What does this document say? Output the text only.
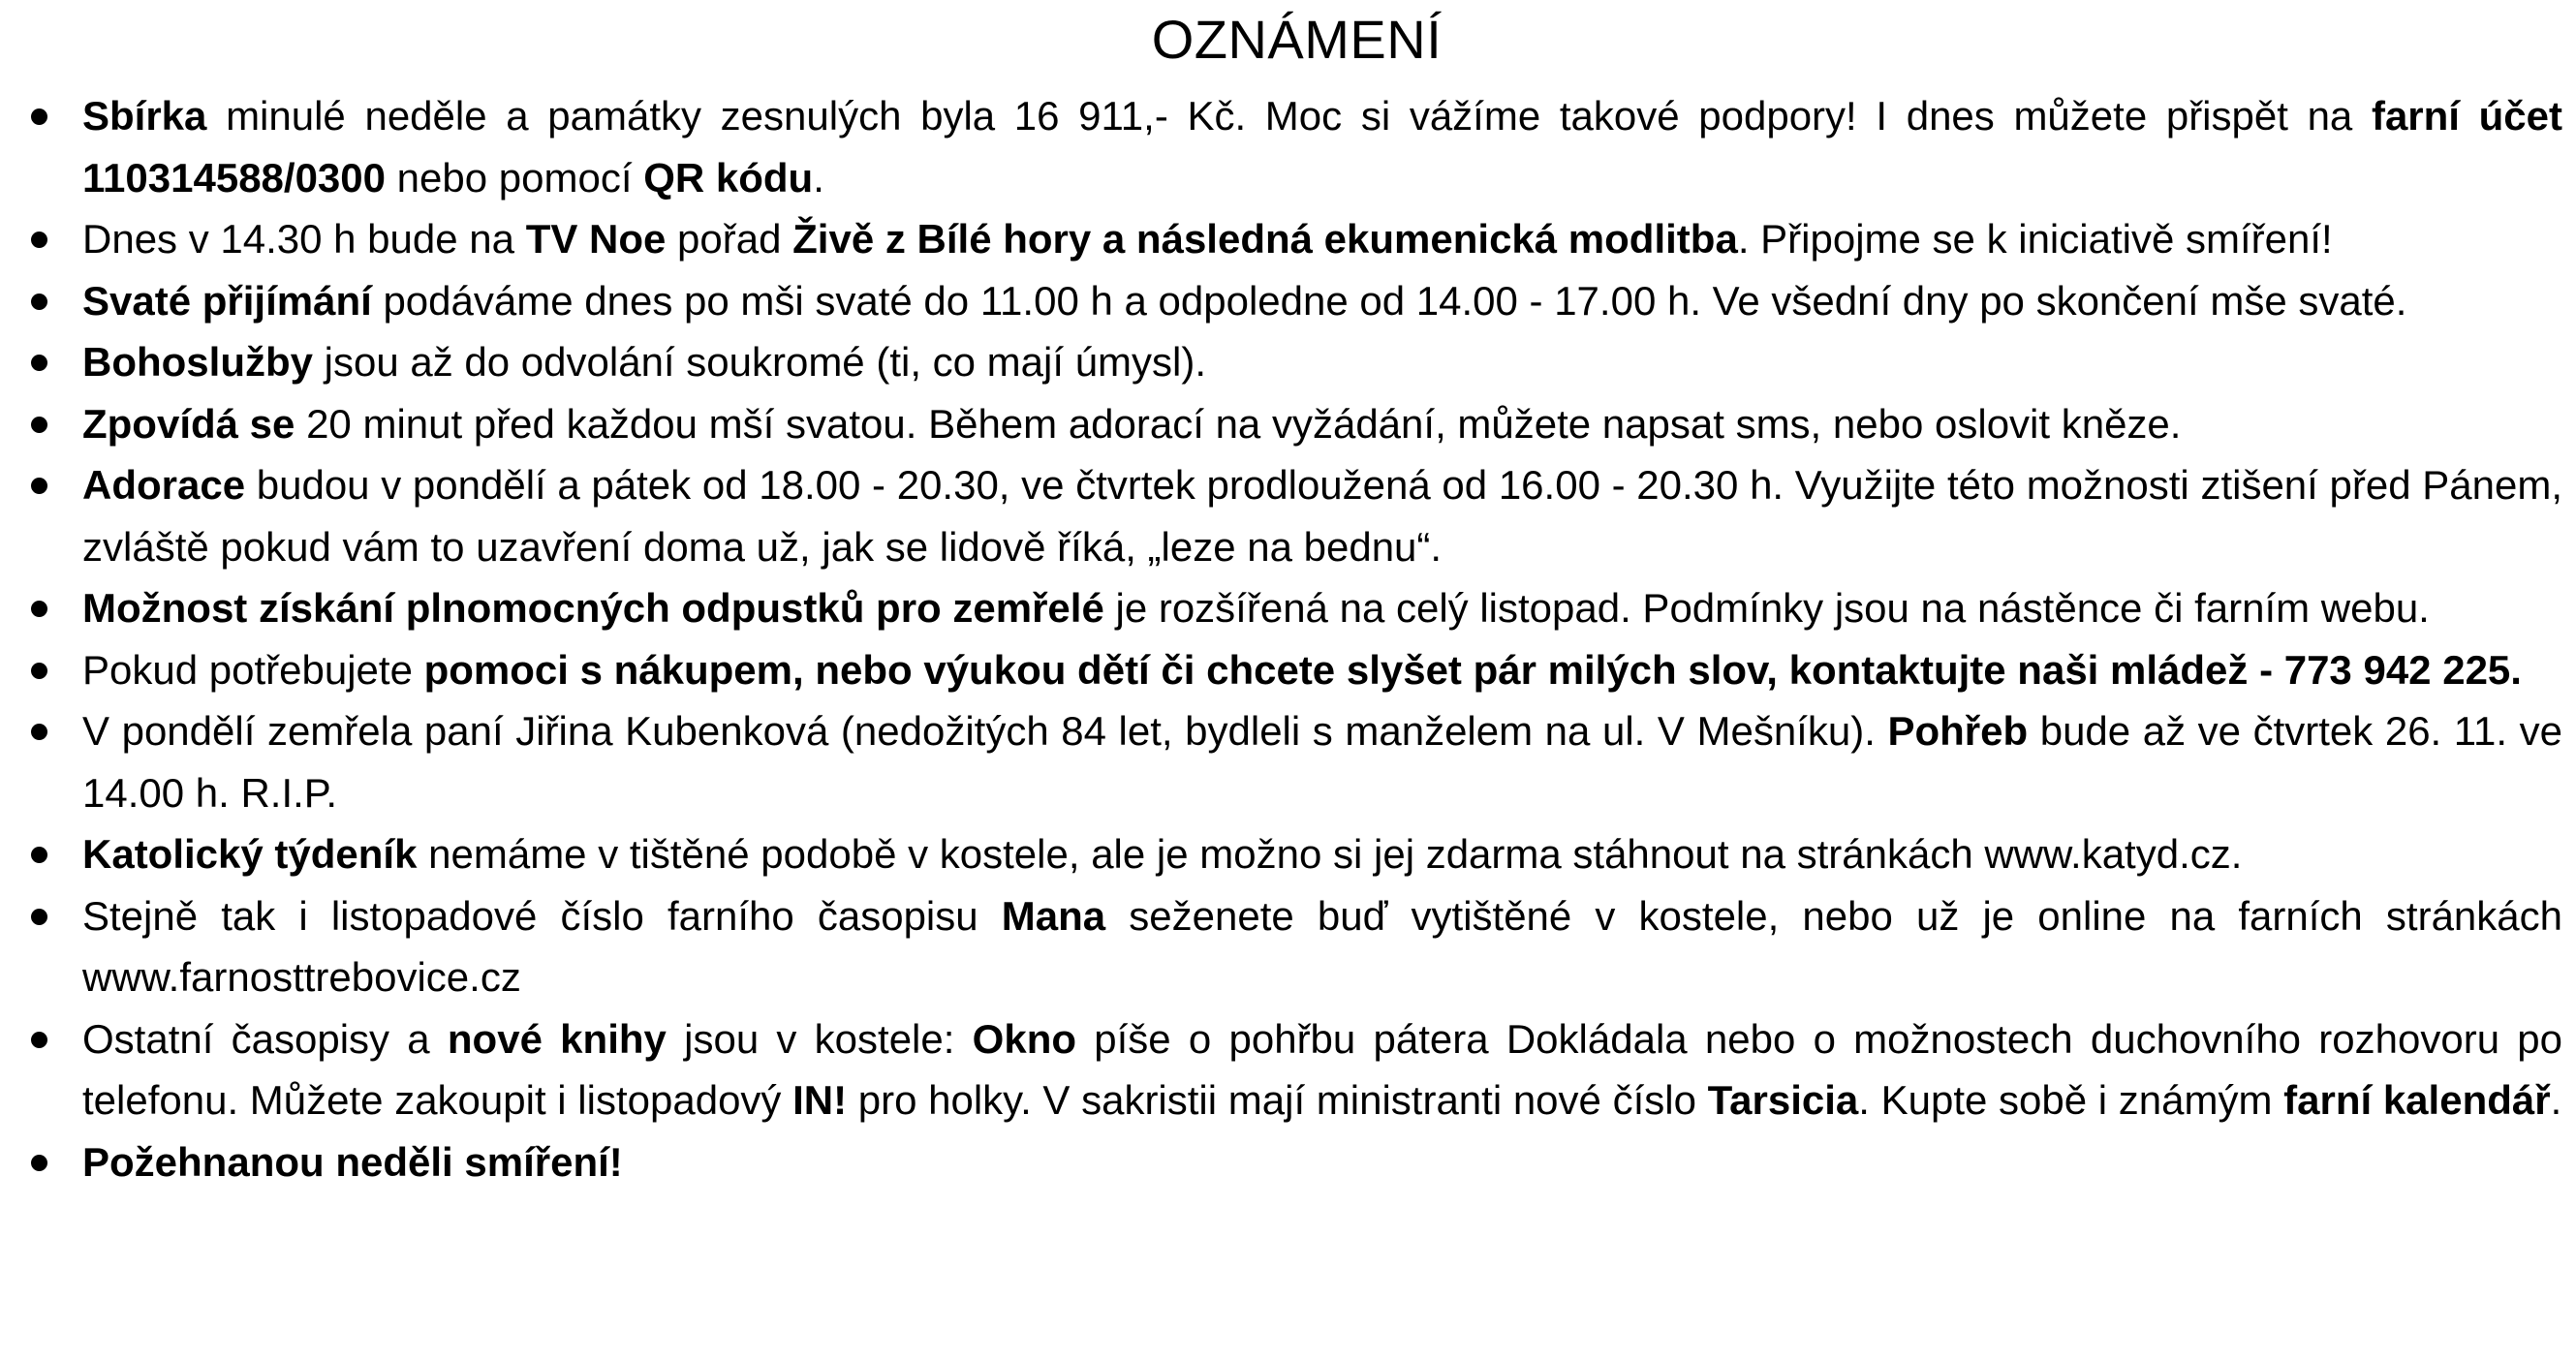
OZNÁMENÍ
Sbírka minulé neděle a památky zesnulých byla 16 911,- Kč. Moc si vážíme takové podpory! I dnes můžete přispět na farní účet 110314588/0300 nebo pomocí QR kódu.
Dnes v 14.30 h bude na TV Noe pořad Živě z Bílé hory a následná ekumenická modlitba. Připojme se k iniciativě smíření!
Svaté přijímání podáváme dnes po mši svaté do 11.00 h a odpoledne od 14.00 - 17.00 h. Ve všední dny po skončení mše svaté.
Bohoslužby jsou až do odvolání soukromé (ti, co mají úmysl).
Zpovídá se 20 minut před každou mší svatou. Během adorací na vyžádání, můžete napsat sms, nebo oslovit kněze.
Adorace budou v pondělí a pátek od 18.00 - 20.30, ve čtvrtek prodloužená od 16.00 - 20.30 h. Využijte této možnosti ztišení před Pánem, zvláště pokud vám to uzavření doma už, jak se lidově říká, „leze na bednu“.
Možnost získání plnomocných odpustků pro zemřelé je rozšířená na celý listopad. Podmínky jsou na nástěnce či farním webu.
Pokud potřebujete pomoci s nákupem, nebo výukou dětí či chcete slyšet pár milých slov, kontaktujte naši mládež - 773 942 225.
V pondělí zemřela paní Jiřina Kubenková (nedožitých 84 let, bydleli s manželem na ul. V Mešníku). Pohřeb bude až ve čtvrtek 26. 11. ve 14.00 h. R.I.P.
Katolický týdeník nemáme v tištěné podobě v kostele, ale je možno si jej zdarma stáhnout na stránkách www.katyd.cz.
Stejně tak i listopadové číslo farního časopisu Mana seženete buď vytištěné v kostele, nebo už je online na farních stránkách www.farnosttrebovice.cz
Ostatní časopisy a nové knihy jsou v kostele: Okno píše o pohřbu pátera Dokládala nebo o možnostech duchovního rozhovoru po telefonu. Můžete zakoupit i listopadový IN! pro holky. V sakristii mají ministranti nové číslo Tarsicia. Kupte sobě i známým farní kalendář.
Požehnanou neděli smíření!
